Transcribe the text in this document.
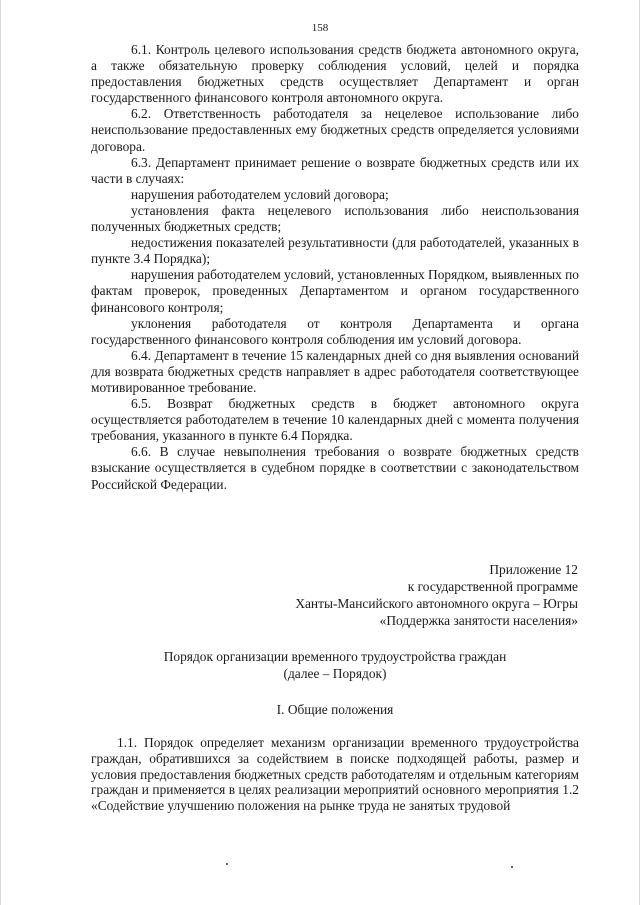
158

6.1. Контроль целевого использования средств бюджета автономного округа, а также обязательную проверку соблюдения условий, целей и порядка предоставления бюджетных средств осуществляет Департамент и орган государственного финансового контроля автономного округа.

6.2. Ответственность работодателя за нецелевое использование либо неиспользование предоставленных ему бюджетных средств определяется условиями договора.

6.3. Департамент принимает решение о возврате бюджетных средств или их части в случаях:

нарушения работодателем условий договора;

установления факта нецелевого использования либо неиспользования полученных бюджетных средств;

недостижения показателей результативности (для работодателей, указанных в пункте 3.4 Порядка);

нарушения работодателем условий, установленных Порядком, выявленных по фактам проверок, проведенных Департаментом и органом государственного финансового контроля;

уклонения работодателя от контроля Департамента и органа государственного финансового контроля соблюдения им условий договора.

6.4. Департамент в течение 15 календарных дней со дня выявления оснований для возврата бюджетных средств направляет в адрес работодателя соответствующее мотивированное требование.

6.5. Возврат бюджетных средств в бюджет автономного округа осуществляется работодателем в течение 10 календарных дней с момента получения требования, указанного в пункте 6.4 Порядка.

6.6. В случае невыполнения требования о возврате бюджетных средств взыскание осуществляется в судебном порядке в соответствии с законодательством Российской Федерации.

Приложение 12
к государственной программе
Ханты-Мансийского автономного округа – Югры
«Поддержка занятости населения»
Порядок организации временного трудоустройства граждан
(далее – Порядок)
I. Общие положения
1.1. Порядок определяет механизм организации временного трудоустройства граждан, обратившихся за содействием в поиске подходящей работы, размер и условия предоставления бюджетных средств работодателям и отдельным категориям граждан и применяется в целях реализации мероприятий основного мероприятия 1.2 «Содействие улучшению положения на рынке труда не занятых трудовой
